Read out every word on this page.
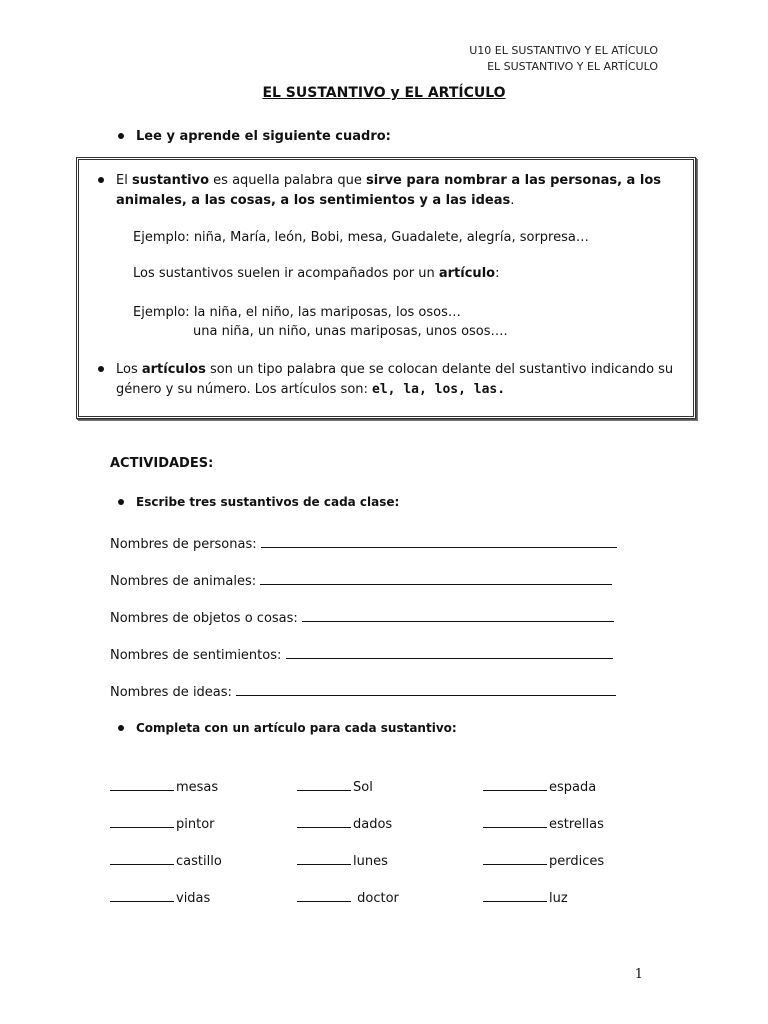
U10 EL SUSTANTIVO Y EL ATÍCULO
EL SUSTANTIVO Y EL ARTÍCULO
EL SUSTANTIVO y EL ARTÍCULO
Lee y aprende el siguiente cuadro:
El sustantivo es aquella palabra que sirve para nombrar a las personas, a los
animales, a las cosas, a los sentimientos y a las ideas.
Ejemplo: niña, María, león, Bobi, mesa, Guadalete, alegría, sorpresa…
Los sustantivos suelen ir acompañados por un artículo:
Ejemplo: la niña, el niño, las mariposas, los osos…
una niña, un niño, unas mariposas, unos osos….
Los artículos son un tipo palabra que se colocan delante del sustantivo indicando su
género y su número. Los artículos son: el, la, los, las.
ACTIVIDADES:
Escribe tres sustantivos de cada clase:
Nombres de personas:
Nombres de animales:
Nombres de objetos o cosas:
Nombres de sentimientos:
Nombres de ideas:
Completa con un artículo para cada sustantivo:
mesas	Sol	espada
pintor	dados	estrellas
castillo	lunes	perdices
vidas	doctor	luz
1
